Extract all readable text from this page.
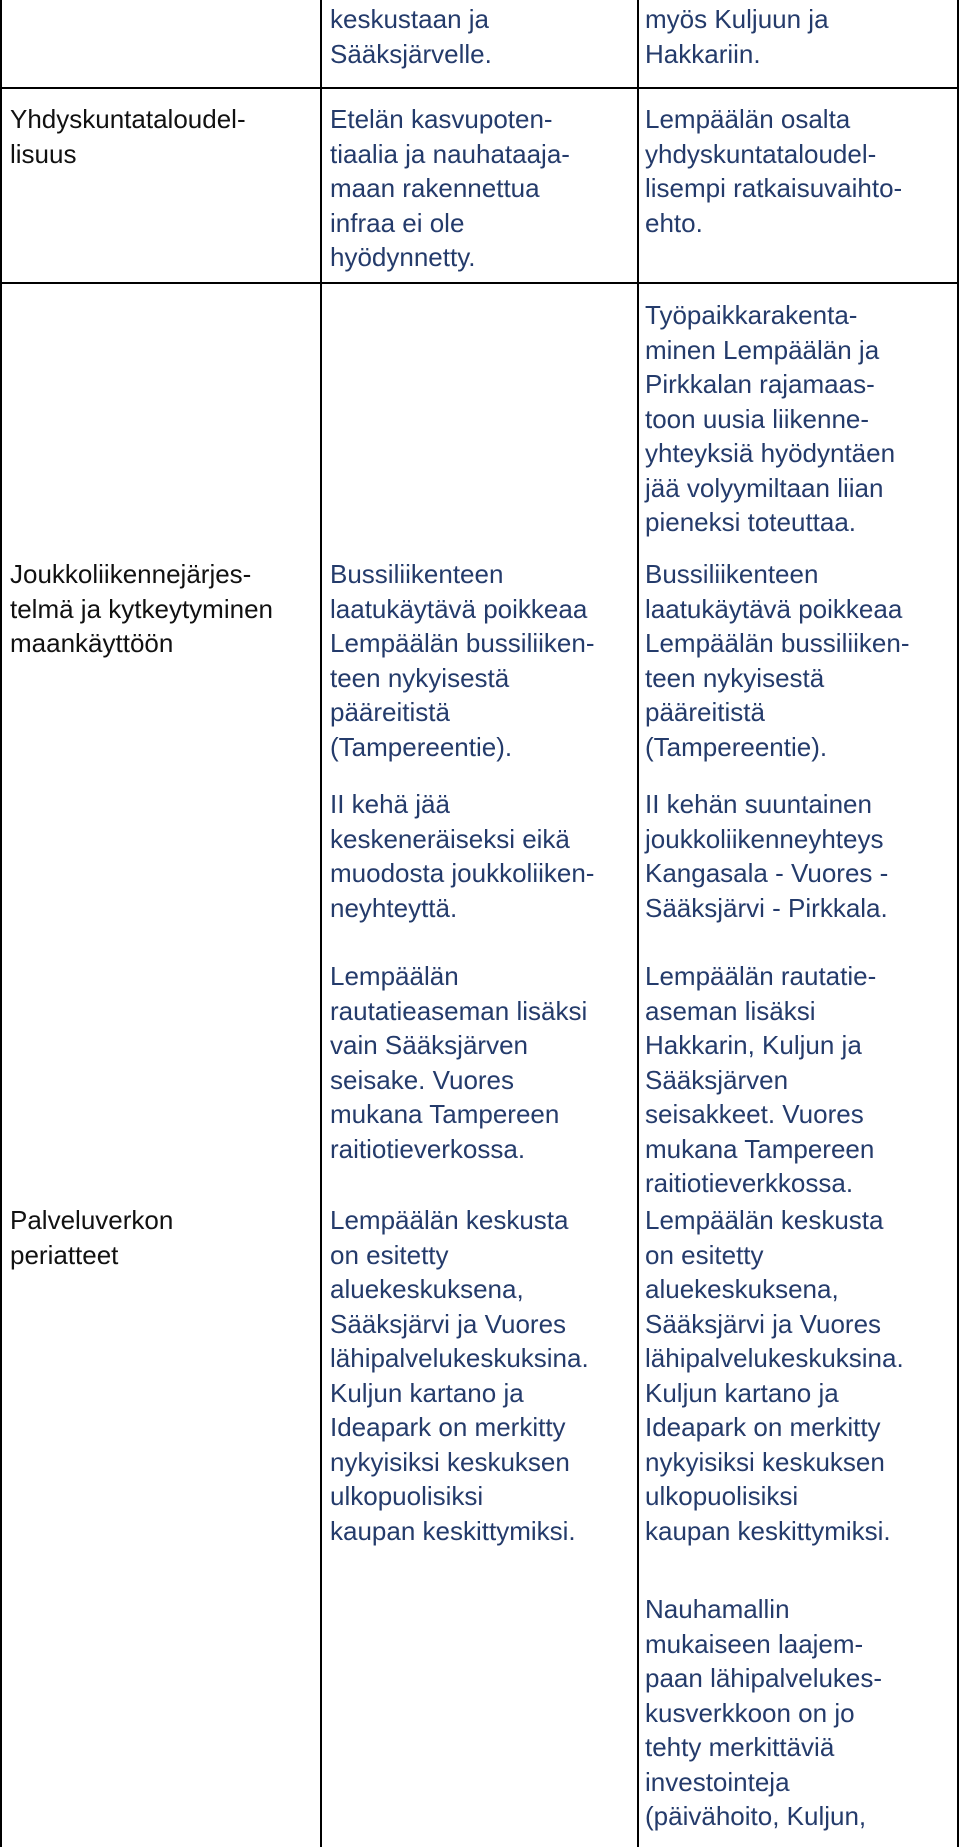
keskustaan ja
Sääksjärvelle.
myös Kuljuun ja
Hakkariin.
Yhdyskuntataloudel-
lisuus
Etelän kasvupoten-
tiaalia ja nauhataaja-
maan rakennettua
infraa ei ole
hyödynnetty.
Lempäälän osalta
yhdyskuntataloudel-
lisempi ratkaisuvaihto-
ehto.
Työpaikkarakenta-
minen Lempäälän ja
Pirkkalan rajamaas-
toon uusia liikenne-
yhteyksiä hyödyntäen
jää volyymiltaan liian
pieneksi toteuttaa.
Joukkoliikennejärjes-
telmä ja kytkeytyminen
maankäyttöön
Bussiliikenteen
laatukäytävä poikkeaa
Lempäälän bussiliiken-
teen nykyisestä
pääreitistä
(Tampereentie).
Bussiliikenteen
laatukäytävä poikkeaa
Lempäälän bussiliiken-
teen nykyisestä
pääreitistä
(Tampereentie).
II kehä jää
keskeneräiseksi eikä
muodosta joukkoliiken-
neyhteyttä.
II kehän suuntainen
joukkoliikenneyhteys
Kangasala - Vuores -
Sääksjärvi - Pirkkala.
Lempäälän
rautatieaseman lisäksi
vain Sääksjärven
seisake. Vuores
mukana Tampereen
raitiotieverkossa.
Lempäälän rautatie-
aseman lisäksi
Hakkarin, Kuljun ja
Sääksjärven
seisakkeet. Vuores
mukana Tampereen
raitiotieverkkossa.
Palveluverkon
periatteet
Lempäälän keskusta
on esitetty
aluekeskuksena,
Sääksjärvi ja Vuores
lähipalvelukeskuksina.
Kuljun kartano ja
Ideapark on merkitty
nykyisiksi keskuksen
ulkopuolisiksi
kaupan keskittymiksi.
Lempäälän keskusta
on esitetty
aluekeskuksena,
Sääksjärvi ja Vuores
lähipalvelukeskuksina.
Kuljun kartano ja
Ideapark on merkitty
nykyisiksi keskuksen
ulkopuolisiksi
kaupan keskittymiksi.
Nauhamallin
mukaiseen laajem-
paan lähipalvelukes-
kusverkkoon on jo
tehty merkittäviä
investointeja
(päivähoito, Kuljun,
